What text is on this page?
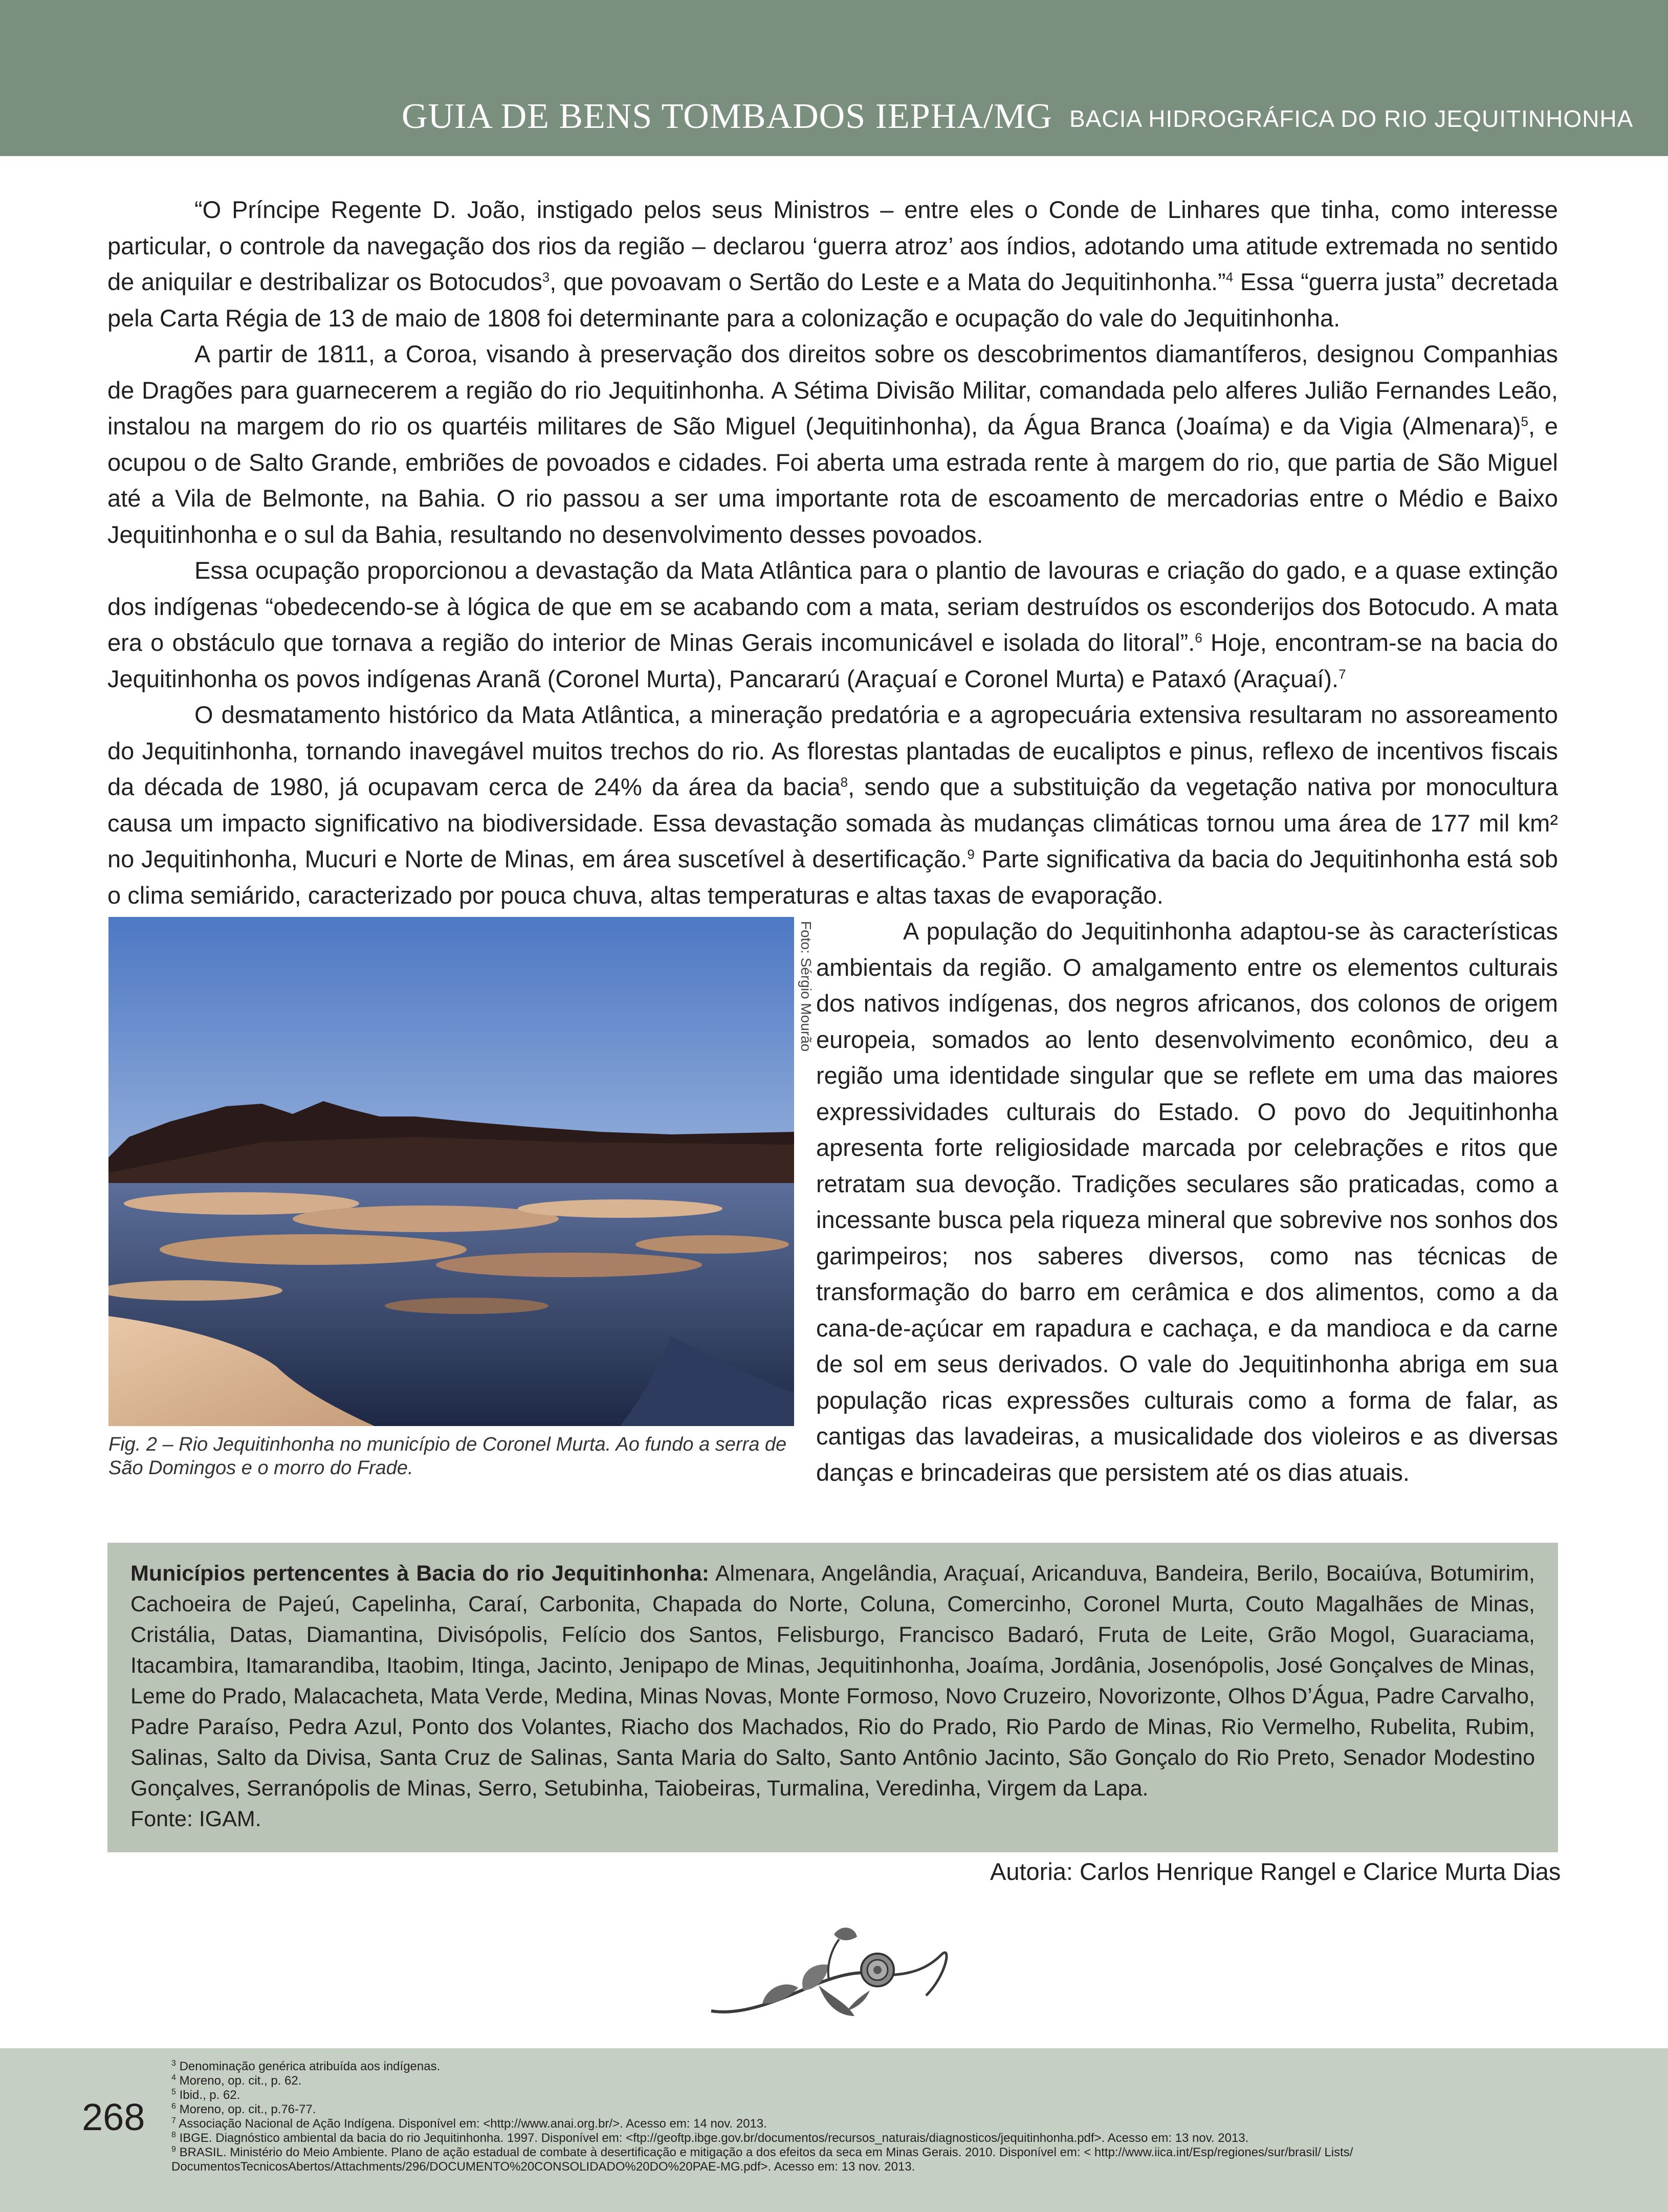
GUIA DE BENS TOMBADOS IEPHA/MG BACIA HIDROGRÁFICA DO RIO JEQUITINHONHA

“O Príncipe Regente D. João, instigado pelos seus Ministros – entre eles o Conde de Linhares que tinha, como interesse particular, o controle da navegação dos rios da região – declarou ‘guerra atroz’ aos índios, adotando uma atitude extremada no sentido de aniquilar e destribalizar os Botocudos$^3$, que povoavam o Sertão do Leste e a Mata do Jequitinhonha.”$^4$ Essa “guerra justa” decretada pela Carta Régia de 13 de maio de 1808 foi determinante para a colonização e ocupação do vale do Jequitinhonha.

A partir de 1811, a Coroa, visando à preservação dos direitos sobre os descobrimentos diamantíferos, designou Companhias de Dragões para guarnecerem a região do rio Jequitinhonha. A Sétima Divisão Militar, comandada pelo alferes Julião Fernandes Leão, instalou na margem do rio os quartéis militares de São Miguel (Jequitinhonha), da Água Branca (Joaíma) e da Vigia (Almenara)$^5$, e ocupou o de Salto Grande, embriões de povoados e cidades. Foi aberta uma estrada rente à margem do rio, que partia de São Miguel até a Vila de Belmonte, na Bahia. O rio passou a ser uma importante rota de escoamento de mercadorias entre o Médio e Baixo Jequitinhonha e o sul da Bahia, resultando no desenvolvimento desses povoados.

Essa ocupação proporcionou a devastação da Mata Atlântica para o plantio de lavouras e criação do gado, e a quase extinção dos indígenas “obedecendo-se à lógica de que em se acabando com a mata, seriam destruídos os esconderijos dos Botocudo. A mata era o obstáculo que tornava a região do interior de Minas Gerais incomunicável e isolada do litoral”.$^6$ Hoje, encontram-se na bacia do Jequitinhonha os povos indígenas Aranã (Coronel Murta), Pancararú (Araçuaí e Coronel Murta) e Pataxó (Araçuaí).$^7$

O desmatamento histórico da Mata Atlântica, a mineração predatória e a agropecuária extensiva resultaram no assoreamento do Jequitinhonha, tornando inavegável muitos trechos do rio. As florestas plantadas de eucaliptos e pinus, reflexo de incentivos fiscais da década de 1980, já ocupavam cerca de 24% da área da bacia$^8$, sendo que a substituição da vegetação nativa por monocultura causa um impacto significativo na biodiversidade. Essa devastação somada às mudanças climáticas tornou uma área de 177 mil km² no Jequitinhonha, Mucuri e Norte de Minas, em área suscetível à desertificação.$^9$ Parte significativa da bacia do Jequitinhonha está sob o clima semiárido, caracterizado por pouca chuva, altas temperaturas e altas taxas de evaporação.

Foto: Sérgio Mourão
Fig. 2 – Rio Jequitinhonha no município de Coronel Murta. Ao fundo a serra de São Domingos e o morro do Frade.

A população do Jequitinhonha adaptou-se às características ambientais da região. O amalgamento entre os elementos culturais dos nativos indígenas, dos negros africanos, dos colonos de origem europeia, somados ao lento desenvolvimento econômico, deu a região uma identidade singular que se reflete em uma das maiores expressividades culturais do Estado. O povo do Jequitinhonha apresenta forte religiosidade marcada por celebrações e ritos que retratam sua devoção. Tradições seculares são praticadas, como a incessante busca pela riqueza mineral que sobrevive nos sonhos dos garimpeiros; nos saberes diversos, como nas técnicas de transformação do barro em cerâmica e dos alimentos, como a da cana-de-açúcar em rapadura e cachaça, e da mandioca e da carne de sol em seus derivados. O vale do Jequitinhonha abriga em sua população ricas expressões culturais como a forma de falar, as cantigas das lavadeiras, a musicalidade dos violeiros e as diversas danças e brincadeiras que persistem até os dias atuais.

Municípios pertencentes à Bacia do rio Jequitinhonha: Almenara, Angelândia, Araçuaí, Aricanduva, Bandeira, Berilo, Bocaiúva, Botumirim, Cachoeira de Pajeú, Capelinha, Caraí, Carbonita, Chapada do Norte, Coluna, Comercinho, Coronel Murta, Couto Magalhães de Minas, Cristália, Datas, Diamantina, Divisópolis, Felício dos Santos, Felisburgo, Francisco Badaró, Fruta de Leite, Grão Mogol, Guaraciama, Itacambira, Itamarandiba, Itaobim, Itinga, Jacinto, Jenipapo de Minas, Jequitinhonha, Joaíma, Jordânia, Josenópolis, José Gonçalves de Minas, Leme do Prado, Malacacheta, Mata Verde, Medina, Minas Novas, Monte Formoso, Novo Cruzeiro, Novorizonte, Olhos D’Água, Padre Carvalho, Padre Paraíso, Pedra Azul, Ponto dos Volantes, Riacho dos Machados, Rio do Prado, Rio Pardo de Minas, Rio Vermelho, Rubelita, Rubim, Salinas, Salto da Divisa, Santa Cruz de Salinas, Santa Maria do Salto, Santo Antônio Jacinto, São Gonçalo do Rio Preto, Senador Modestino Gonçalves, Serranópolis de Minas, Serro, Setubinha, Taiobeiras, Turmalina, Veredinha, Virgem da Lapa.
Fonte: IGAM.
Autoria: Carlos Henrique Rangel e Clarice Murta Dias
268
$^3$ Denominação genérica atribuída aos indígenas.
$^4$ Moreno, op. cit., p. 62.
$^5$ Ibid., p. 62.
$^6$ Moreno, op. cit., p.76-77.
$^7$ Associação Nacional de Ação Indígena. Disponível em: <http://www.anai.org.br/>. Acesso em: 14 nov. 2013.
$^8$ IBGE. Diagnóstico ambiental da bacia do rio Jequitinhonha. 1997. Disponível em: <ftp://geoftp.ibge.gov.br/documentos/recursos_naturais/diagnosticos/jequitinhonha.pdf>. Acesso em: 13 nov. 2013.
$^9$ BRASIL. Ministério do Meio Ambiente. Plano de ação estadual de combate à desertificação e mitigação a dos efeitos da seca em Minas Gerais. 2010. Disponível em: < http://www.iica.int/Esp/regiones/sur/brasil/ Lists/ DocumentosTecnicosAbertos/Attachments/296/DOCUMENTO%20CONSOLIDADO%20DO%20PAE-MG.pdf>. Acesso em: 13 nov. 2013.
